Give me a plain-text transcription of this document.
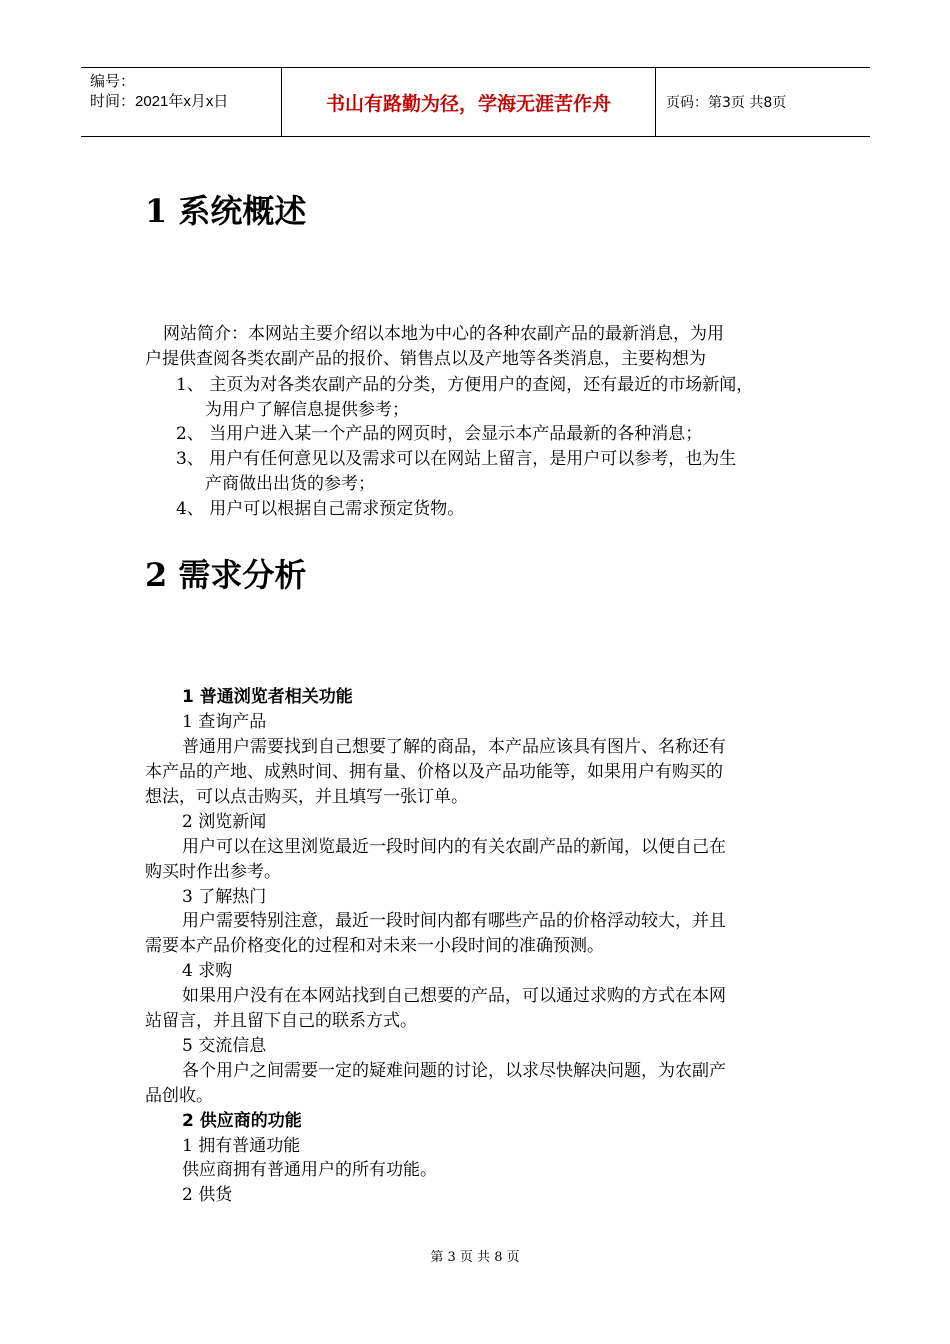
编号：
时间：2021年x月x日	书山有路勤为径，学海无涯苦作舟	页码：第3页 共8页
1 系统概述
网站简介：本网站主要介绍以本地为中心的各种农副产品的最新消息，为用
户提供查阅各类农副产品的报价、销售点以及产地等各类消息，主要构想为
1、 主页为对各类农副产品的分类，方便用户的查阅，还有最近的市场新闻，
为用户了解信息提供参考；
2、 当用户进入某一个产品的网页时，会显示本产品最新的各种消息；
3、 用户有任何意见以及需求可以在网站上留言，是用户可以参考，也为生
产商做出出货的参考；
4、 用户可以根据自己需求预定货物。
2 需求分析
1 普通浏览者相关功能
1 查询产品
普通用户需要找到自己想要了解的商品，本产品应该具有图片、名称还有
本产品的产地、成熟时间、拥有量、价格以及产品功能等，如果用户有购买的
想法，可以点击购买，并且填写一张订单。
2 浏览新闻
用户可以在这里浏览最近一段时间内的有关农副产品的新闻，以便自己在
购买时作出参考。
3 了解热门
用户需要特别注意，最近一段时间内都有哪些产品的价格浮动较大，并且
需要本产品价格变化的过程和对未来一小段时间的准确预测。
4 求购
如果用户没有在本网站找到自己想要的产品，可以通过求购的方式在本网
站留言，并且留下自己的联系方式。
5 交流信息
各个用户之间需要一定的疑难问题的讨论，以求尽快解决问题，为农副产
品创收。
2 供应商的功能
1 拥有普通功能
供应商拥有普通用户的所有功能。
2 供货
第 3 页 共 8 页
